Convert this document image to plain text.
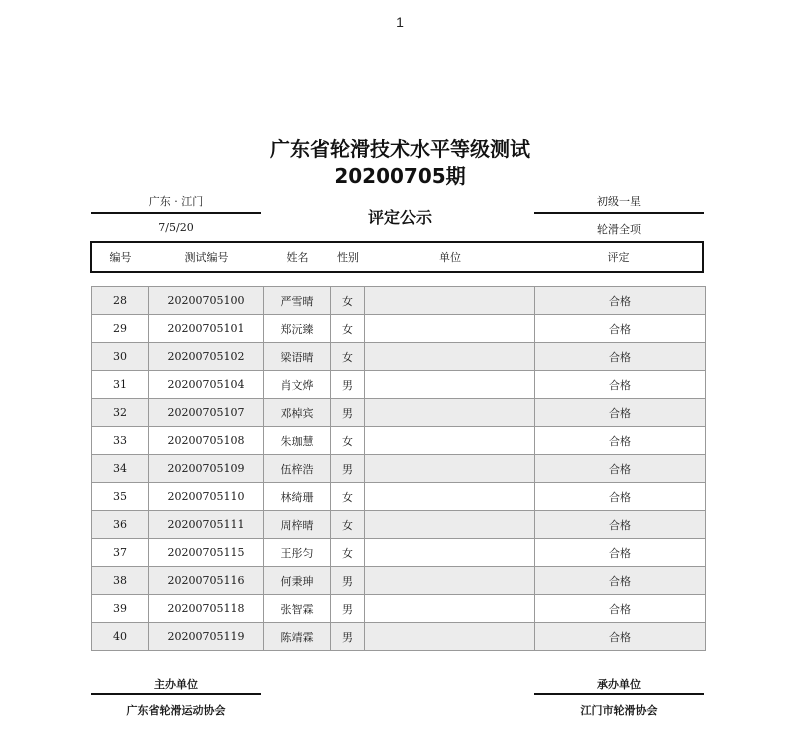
1
广东省轮滑技术水平等级测试
20200705期
评定公示
广东 · 江门
7/5/20
初级一星
轮滑全项
编号	测试编号	姓名	性别	单位	评定
28	20200705100	严雪晴	女		合格
29	20200705101	郑沅臻	女		合格
30	20200705102	梁语晴	女		合格
31	20200705104	肖文烨	男		合格
32	20200705107	邓棹宾	男		合格
33	20200705108	朱珈慧	女		合格
34	20200705109	伍梓浩	男		合格
35	20200705110	林绮珊	女		合格
36	20200705111	周梓晴	女		合格
37	20200705115	王彤匀	女		合格
38	20200705116	何秉珅	男		合格
39	20200705118	张智霖	男		合格
40	20200705119	陈靖霖	男		合格
主办单位
广东省轮滑运动协会
承办单位
江门市轮滑协会
